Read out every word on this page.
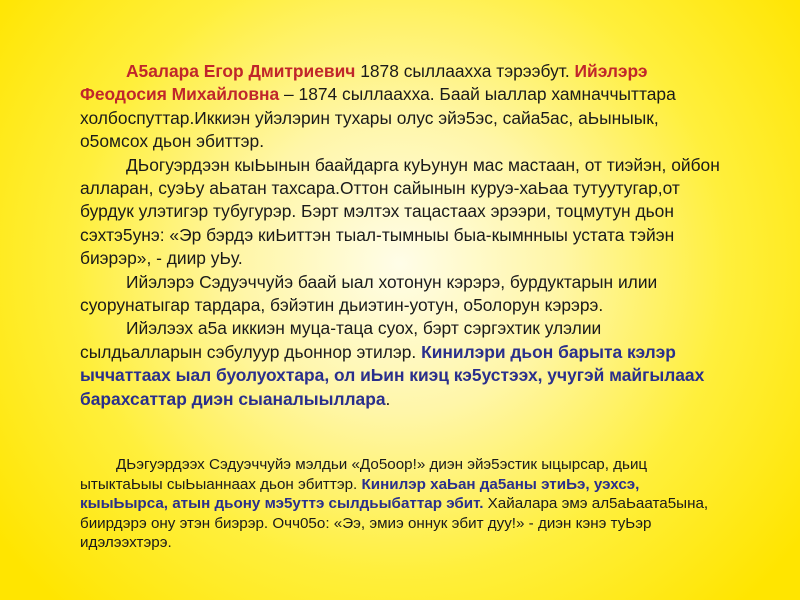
А5алара Егор Дмитриевич 1878 сыллаахха тэрээбут. Ийэлэрэ Феодосия Михайловна – 1874 сыллаахха. Баай ыаллар хамначчыттара холбоспуттар.Иккиэн уйэлэрин тухары олус эйэ5эс, сайа5ас, аЬыныык, о5омсох дьон эбиттэр.

ДЬогуэрдээн кыЬынын баайдарга куЬунун мас мастаан, от тиэйэн, ойбон алларан, суэЬу аЬатан тахсара.Оттон сайынын куруэ-хаЬаа тутуутугар,от бурдук улэтигэр тубугурэр. Бэрт мэлтэх тацастаах эрээри, тоцмутун дьон сэхтэ5унэ: «Эр бэрдэ киЬиттэн тыал-тымныы быа-кымнныы устата тэйэн биэрэр», - диир уЬу.

Ийэлэрэ Сэдуэччуйэ баай ыал хотонун кэрэрэ, бурдуктарын илии суорунатыгар тардара, бэйэтин дьиэтин-уотун, о5олорун кэрэрэ.

Ийэлээх а5а иккиэн муца-таца суох, бэрт сэргэхтик улэлии сылдьалларын сэбулуур дьоннор этилэр. Кинилэри дьон барыта кэлэр ыччаттаах ыал буолуохтара, ол иЬин киэц кэ5устээх, учугэй майгылаах барахсаттар диэн сыаналыыллара.

ДЬэгуэрдээх Сэдуэччуйэ мэлдьи «До5оор!» диэн эйэ5эстик ыцырсар, дьиц ытыктаЬыы сыЬыаннаах дьон эбиттэр. Кинилэр хаЬан да5аны этиЬэ, уэхсэ, кыыЬырса, атын дьону мэ5уттэ сылдьыбаттар эбит. Хайалара эмэ ал5аЬаата5ына, биирдэрэ ону этэн биэрэр. Очч05о: «Ээ, эмиэ оннук эбит дуу!» - диэн кэнэ туЬэр идэлээхтэрэ.
